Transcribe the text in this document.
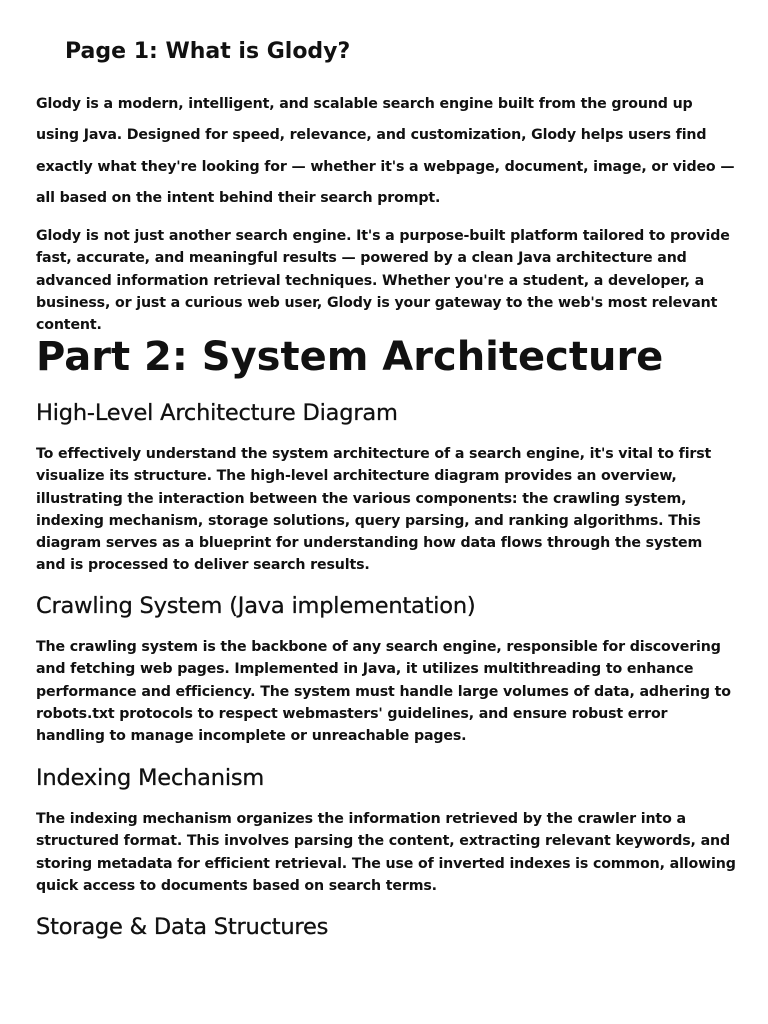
Page 1: What is Glody?

Glody is a modern, intelligent, and scalable search engine built from the ground up using Java. Designed for speed, relevance, and customization, Glody helps users find exactly what they're looking for — whether it's a webpage, document, image, or video — all based on the intent behind their search prompt.

Glody is not just another search engine. It's a purpose-built platform tailored to provide fast, accurate, and meaningful results — powered by a clean Java architecture and advanced information retrieval techniques. Whether you're a student, a developer, a business, or just a curious web user, Glody is your gateway to the web's most relevant content.

Part 2: System Architecture
High-Level Architecture Diagram

To effectively understand the system architecture of a search engine, it's vital to first visualize its structure. The high-level architecture diagram provides an overview, illustrating the interaction between the various components: the crawling system, indexing mechanism, storage solutions, query parsing, and ranking algorithms. This diagram serves as a blueprint for understanding how data flows through the system and is processed to deliver search results.

Crawling System (Java implementation)

The crawling system is the backbone of any search engine, responsible for discovering and fetching web pages. Implemented in Java, it utilizes multithreading to enhance performance and efficiency. The system must handle large volumes of data, adhering to robots.txt protocols to respect webmasters' guidelines, and ensure robust error handling to manage incomplete or unreachable pages.

Indexing Mechanism

The indexing mechanism organizes the information retrieved by the crawler into a structured format. This involves parsing the content, extracting relevant keywords, and storing metadata for efficient retrieval. The use of inverted indexes is common, allowing quick access to documents based on search terms.

Storage & Data Structures
